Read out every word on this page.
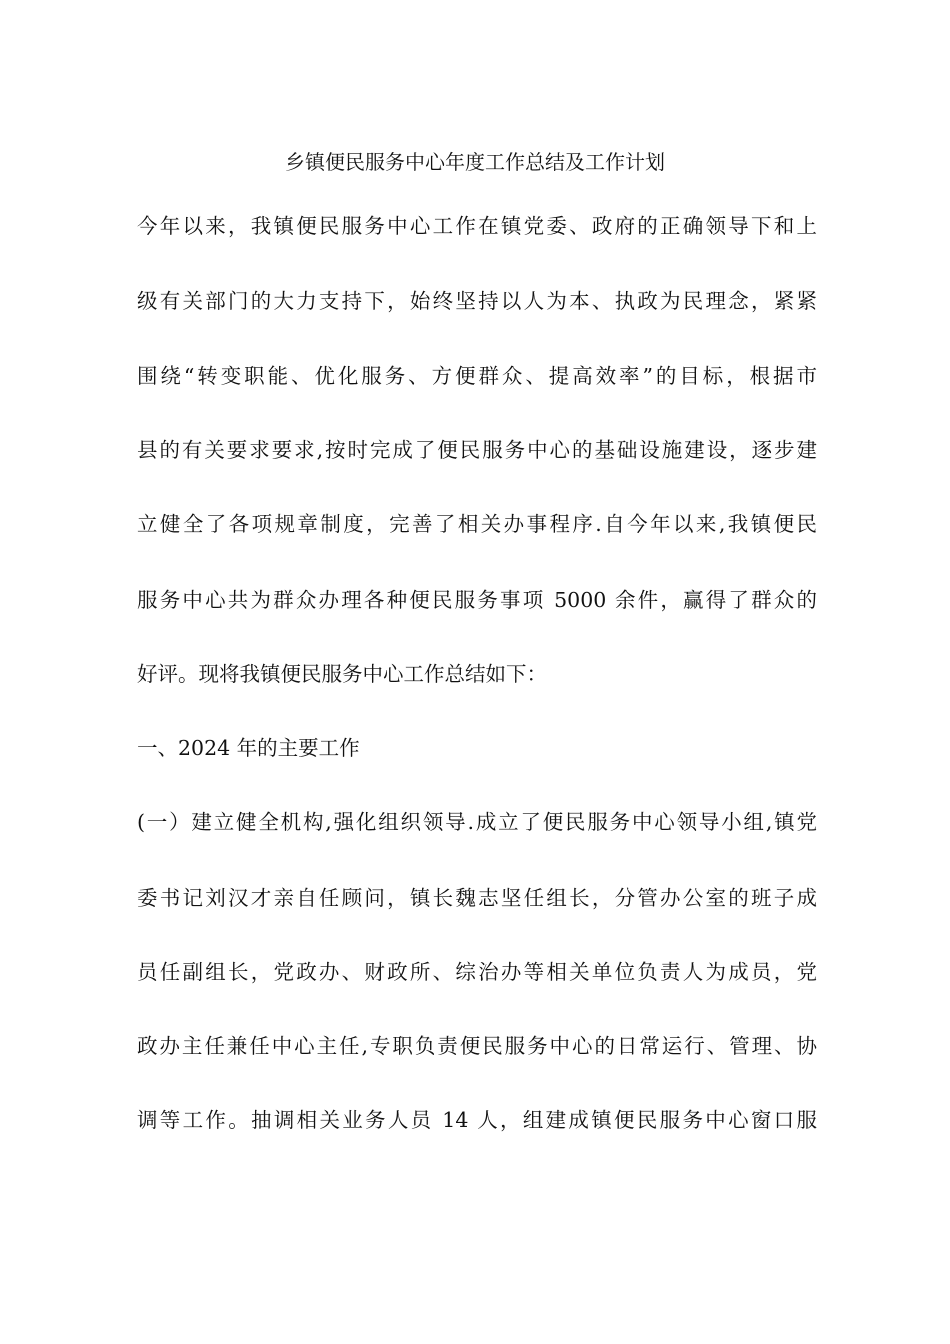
乡镇便民服务中心年度工作总结及工作计划
今年以来，我镇便民服务中心工作在镇党委、政府的正确领导下和上
级有关部门的大力支持下，始终坚持以人为本、执政为民理念，紧紧
围绕“转变职能、优化服务、方便群众、提高效率”的目标，根据市
县的有关要求要求,按时完成了便民服务中心的基础设施建设，逐步建
立健全了各项规章制度，完善了相关办事程序.自今年以来,我镇便民
服务中心共为群众办理各种便民服务事项 5000 余件，赢得了群众的
好评。现将我镇便民服务中心工作总结如下：
一、2024 年的主要工作
(一）建立健全机构,强化组织领导.成立了便民服务中心领导小组,镇党
委书记刘汉才亲自任顾问，镇长魏志坚任组长，分管办公室的班子成
员任副组长，党政办、财政所、综治办等相关单位负责人为成员，党
政办主任兼任中心主任,专职负责便民服务中心的日常运行、管理、协
调等工作。抽调相关业务人员 14 人，组建成镇便民服务中心窗口服
